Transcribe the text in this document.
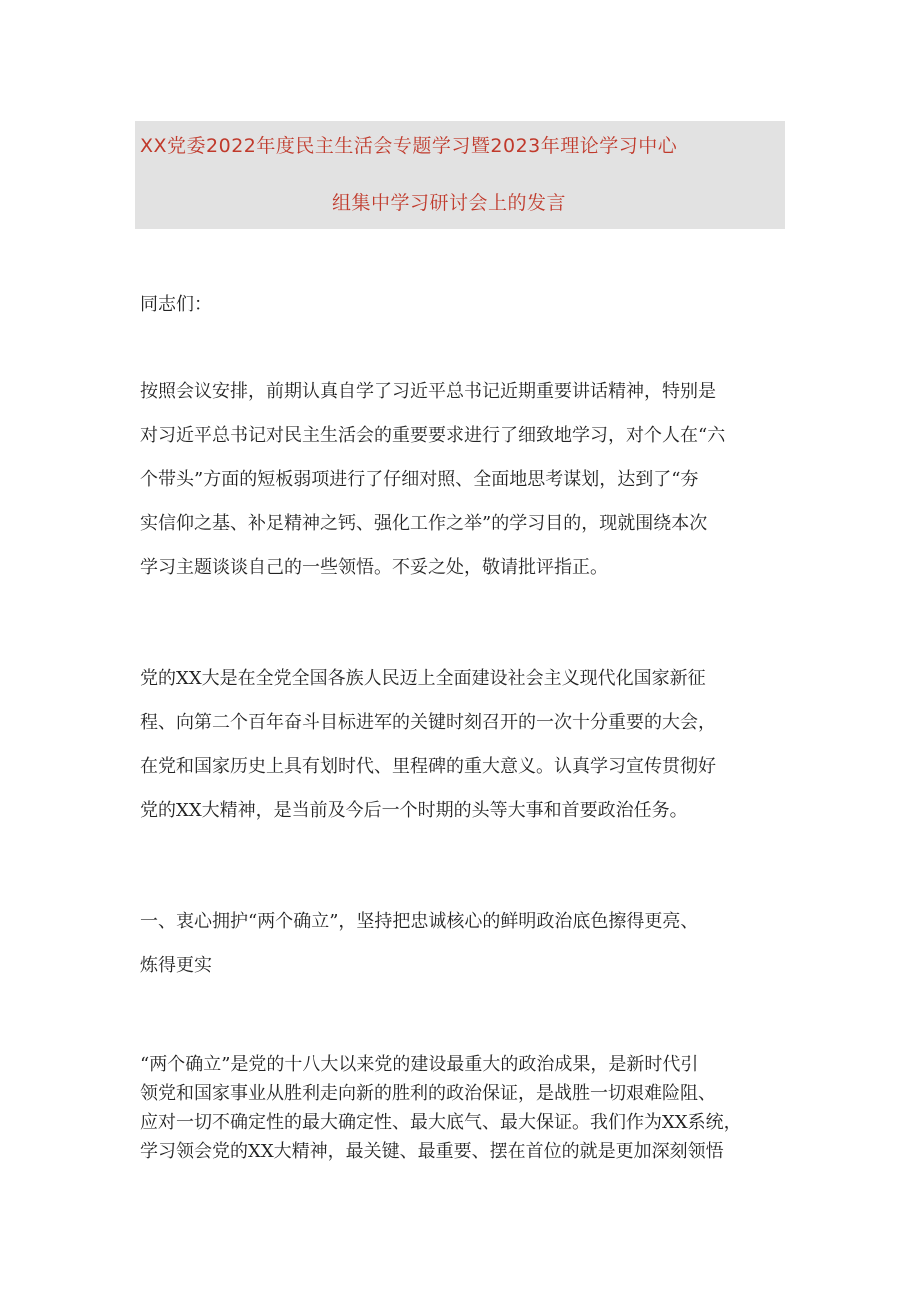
XX党委2022年度民主生活会专题学习暨2023年理论学习中心
组集中学习研讨会上的发言
同志们：
按照会议安排，前期认真自学了习近平总书记近期重要讲话精神，特别是
对习近平总书记对民主生活会的重要要求进行了细致地学习，对个人在“六
个带头”方面的短板弱项进行了仔细对照、全面地思考谋划，达到了“夯
实信仰之基、补足精神之钙、强化工作之举”的学习目的，现就围绕本次
学习主题谈谈自己的一些领悟。不妥之处，敬请批评指正。
党的XX大是在全党全国各族人民迈上全面建设社会主义现代化国家新征
程、向第二个百年奋斗目标进军的关键时刻召开的一次十分重要的大会，
在党和国家历史上具有划时代、里程碑的重大意义。认真学习宣传贯彻好
党的XX大精神，是当前及今后一个时期的头等大事和首要政治任务。
一、衷心拥护“两个确立”，坚持把忠诚核心的鲜明政治底色擦得更亮、
炼得更实
“两个确立”是党的十八大以来党的建设最重大的政治成果，是新时代引
领党和国家事业从胜利走向新的胜利的政治保证，是战胜一切艰难险阻、
应对一切不确定性的最大确定性、最大底气、最大保证。我们作为XX系统，
学习领会党的XX大精神，最关键、最重要、摆在首位的就是更加深刻领悟
